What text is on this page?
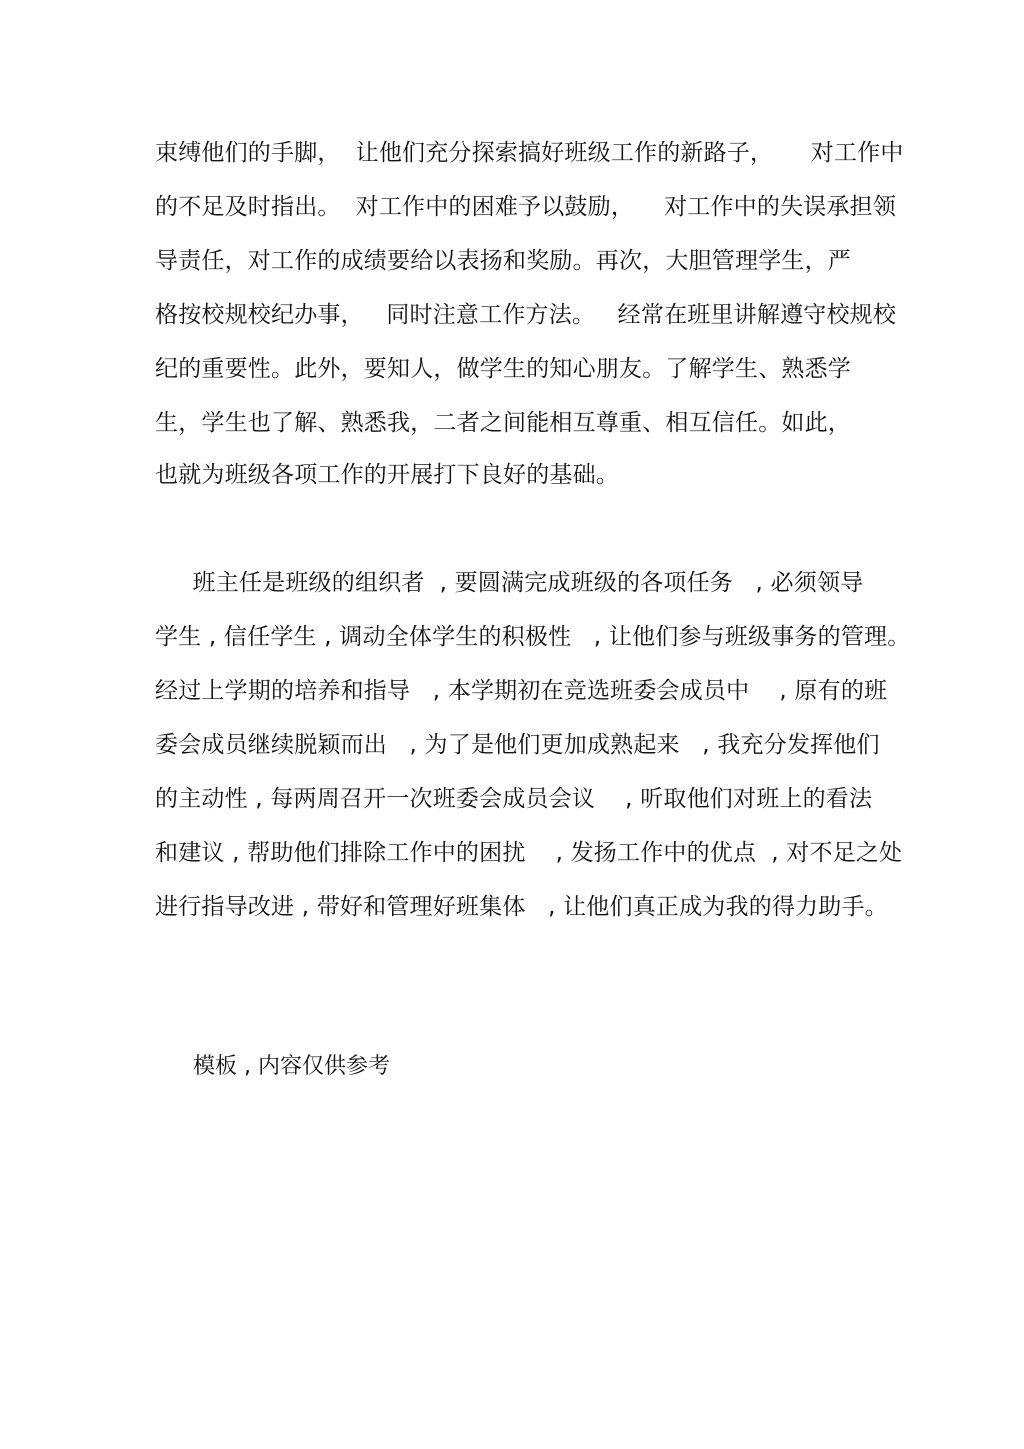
束缚他们的手脚，  让他们充分探索搞好班级工作的新路子，     对工作中
的不足及时指出。  对工作中的困难予以鼓励，    对工作中的失误承担领
导责任，对工作的成绩要给以表扬和奖励。再次，大胆管理学生，严
格按校规校纪办事，   同时注意工作方法。   经常在班里讲解遵守校规校
纪的重要性。此外，要知人，做学生的知心朋友。了解学生、熟悉学
生，学生也了解、熟悉我，二者之间能相互尊重、相互信任。如此，
也就为班级各项工作的开展打下良好的基础。
班主任是班级的组织者  , 要圆满完成班级的各项任务   , 必须领导
学生 , 信任学生 , 调动全体学生的积极性   , 让他们参与班级事务的管理。
经过上学期的培养和指导   , 本学期初在竞选班委会成员中    , 原有的班
委会成员继续脱颖而出   , 为了是他们更加成熟起来   , 我充分发挥他们
的主动性 , 每两周召开一次班委会成员会议    , 听取他们对班上的看法
和建议 , 帮助他们排除工作中的困扰    , 发扬工作中的优点  , 对不足之处
进行指导改进 , 带好和管理好班集体   , 让他们真正成为我的得力助手。
模板 , 内容仅供参考
